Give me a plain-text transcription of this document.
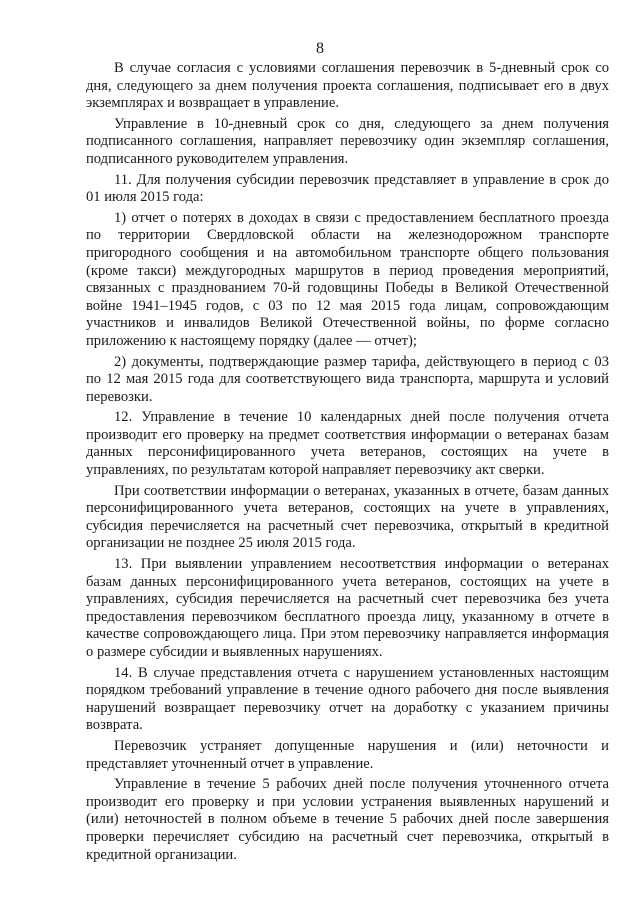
8

В случае согласия с условиями соглашения перевозчик в 5-дневный срок со дня, следующего за днем получения проекта соглашения, подписывает его в двух экземплярах и возвращает в управление.

Управление в 10-дневный срок со дня, следующего за днем получения подписанного соглашения, направляет перевозчику один экземпляр соглашения, подписанного руководителем управления.

11. Для получения субсидии перевозчик представляет в управление в срок до 01 июля 2015 года:

1) отчет о потерях в доходах в связи с предоставлением бесплатного проезда по территории Свердловской области на железнодорожном транспорте пригородного сообщения и на автомобильном транспорте общего пользования (кроме такси) междугородных маршрутов в период проведения мероприятий, связанных с празднованием 70-й годовщины Победы в Великой Отечественной войне 1941–1945 годов, с 03 по 12 мая 2015 года лицам, сопровождающим участников и инвалидов Великой Отечественной войны, по форме согласно приложению к настоящему порядку (далее — отчет);

2) документы, подтверждающие размер тарифа, действующего в период с 03 по 12 мая 2015 года для соответствующего вида транспорта, маршрута и условий перевозки.

12. Управление в течение 10 календарных дней после получения отчета производит его проверку на предмет соответствия информации о ветеранах базам данных персонифицированного учета ветеранов, состоящих на учете в управлениях, по результатам которой направляет перевозчику акт сверки.

При соответствии информации о ветеранах, указанных в отчете, базам данных персонифицированного учета ветеранов, состоящих на учете в управлениях, субсидия перечисляется на расчетный счет перевозчика, открытый в кредитной организации не позднее 25 июля 2015 года.

13. При выявлении управлением несоответствия информации о ветеранах базам данных персонифицированного учета ветеранов, состоящих на учете в управлениях, субсидия перечисляется на расчетный счет перевозчика без учета предоставления перевозчиком бесплатного проезда лицу, указанному в отчете в качестве сопровождающего лица. При этом перевозчику направляется информация о размере субсидии и выявленных нарушениях.

14. В случае представления отчета с нарушением установленных настоящим порядком требований управление в течение одного рабочего дня после выявления нарушений возвращает перевозчику отчет на доработку с указанием причины возврата.

Перевозчик устраняет допущенные нарушения и (или) неточности и представляет уточненный отчет в управление.

Управление в течение 5 рабочих дней после получения уточненного отчета производит его проверку и при условии устранения выявленных нарушений и (или) неточностей в полном объеме в течение 5 рабочих дней после завершения проверки перечисляет субсидию на расчетный счет перевозчика, открытый в кредитной организации.
